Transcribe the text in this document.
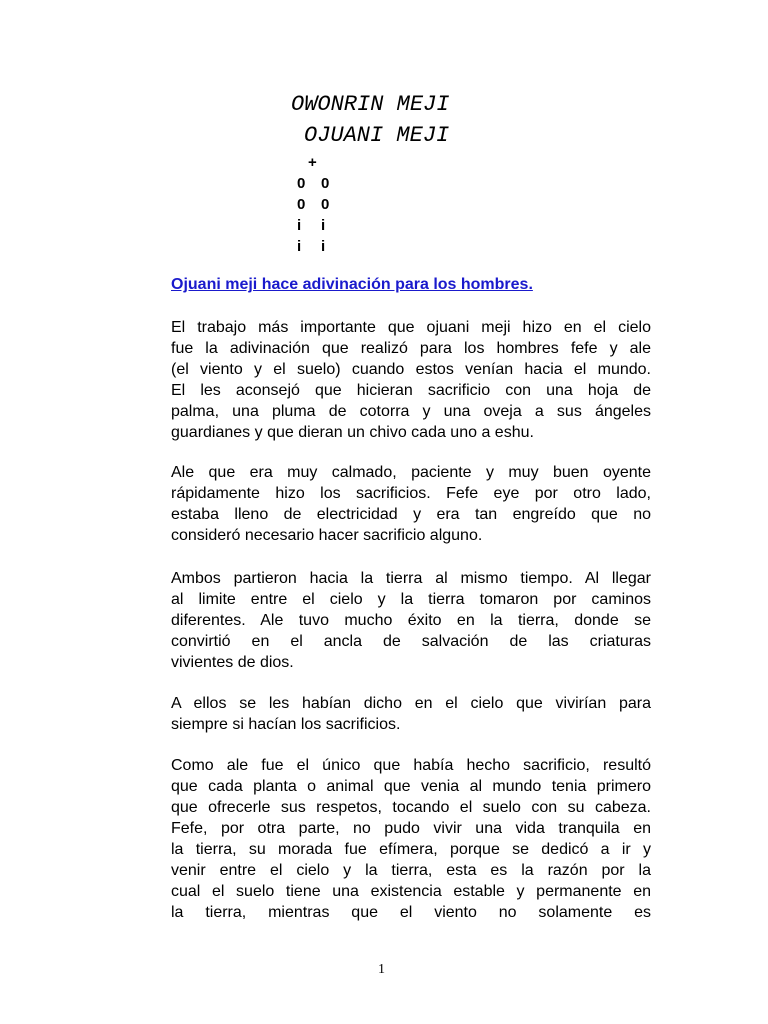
OWONRIN MEJI
OJUANI MEJI
+
0 0
0 0
i i
i i
Ojuani meji hace adivinación para los hombres.
El trabajo más importante que ojuani meji hizo en el cielo
fue la adivinación que realizó para los hombres fefe y ale
(el viento y el suelo) cuando estos venían hacia el mundo.
El les aconsejó que hicieran sacrificio con una hoja de
palma, una pluma de cotorra y una oveja a sus ángeles
guardianes y que dieran un chivo cada uno a eshu.
Ale que era muy calmado, paciente y muy buen oyente
rápidamente hizo los sacrificios. Fefe eye por otro lado,
estaba lleno de electricidad y era tan engreído que no
consideró necesario hacer sacrificio alguno.
Ambos partieron hacia la tierra al mismo tiempo. Al llegar
al limite entre el cielo y la tierra tomaron por caminos
diferentes. Ale tuvo mucho éxito en la tierra, donde se
convirtió en el ancla de salvación de las criaturas
vivientes de dios.
A ellos se les habían dicho en el cielo que vivirían para
siempre si hacían los sacrificios.
Como ale fue el único que había hecho sacrificio, resultó
que cada planta o animal que venia al mundo tenia primero
que ofrecerle sus respetos, tocando el suelo con su cabeza.
Fefe, por otra parte, no pudo vivir una vida tranquila en
la tierra, su morada fue efímera, porque se dedicó a ir y
venir entre el cielo y la tierra, esta es la razón por la
cual el suelo tiene una existencia estable y permanente en
la tierra, mientras que el viento no solamente es
1
